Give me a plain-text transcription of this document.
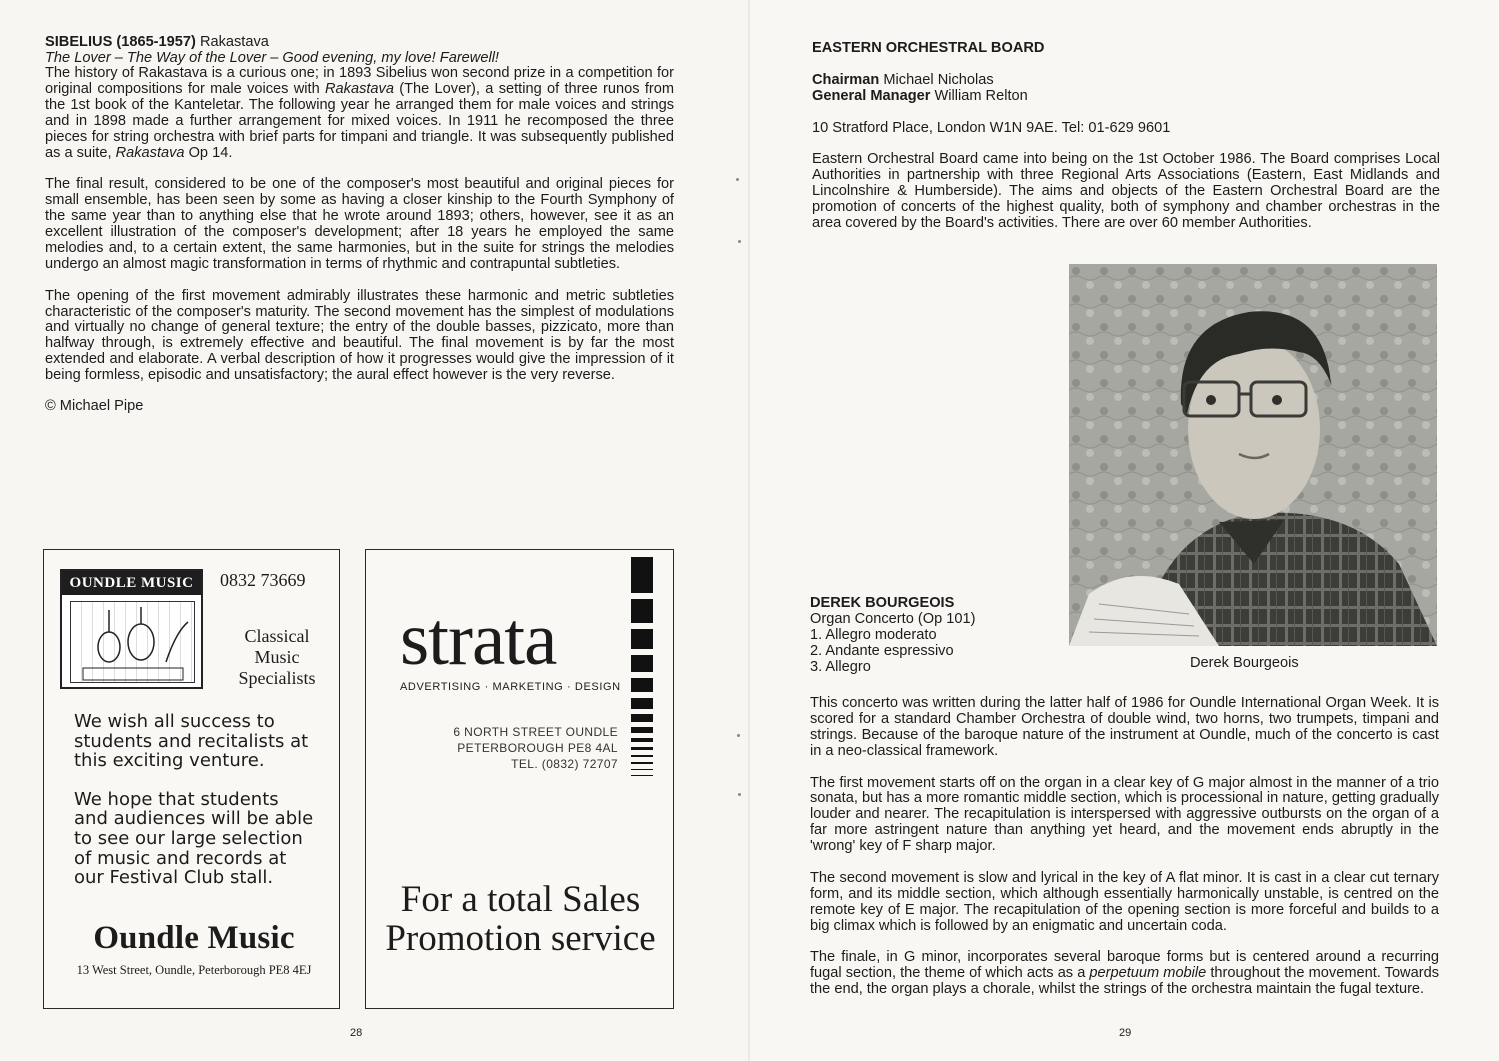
SIBELIUS (1865-1957) Rakastava
The Lover – The Way of the Lover – Good evening, my love! Farewell!

The history of Rakastava is a curious one; in 1893 Sibelius won second prize in a competition for original compositions for male voices with Rakastava (The Lover), a setting of three runos from the 1st book of the Kanteletar. The following year he arranged them for male voices and strings and in 1898 made a further arrangement for mixed voices. In 1911 he recomposed the three pieces for string orchestra with brief parts for timpani and triangle. It was subsequently published as a suite, Rakastava Op 14.

The final result, considered to be one of the composer's most beautiful and original pieces for small ensemble, has been seen by some as having a closer kinship to the Fourth Symphony of the same year than to anything else that he wrote around 1893; others, however, see it as an excellent illustration of the composer's development; after 18 years he employed the same melodies and, to a certain extent, the same harmonies, but in the suite for strings the melodies undergo an almost magic transformation in terms of rhythmic and contrapuntal subtleties.

The opening of the first movement admirably illustrates these harmonic and metric subtleties characteristic of the composer's maturity. The second movement has the simplest of modulations and virtually no change of general texture; the entry of the double basses, pizzicato, more than halfway through, is extremely effective and beautiful. The final movement is by far the most extended and elaborate. A verbal description of how it progresses would give the impression of it being formless, episodic and unsatisfactory; the aural effect however is the very reverse.

© Michael Pipe
OUNDLE MUSIC	0832 73669
Classical Music Specialists

We wish all success to students and recitalists at this exciting venture.

We hope that students and audiences will be able to see our large selection of music and records at our Festival Club stall.

Oundle Music
13 West Street, Oundle, Peterborough PE8 4EJ
strata
ADVERTISING · MARKETING · DESIGN
6 NORTH STREET OUNDLE
PETERBOROUGH PE8 4AL
TEL. (0832) 72707
For a total Sales Promotion service
28
EASTERN ORCHESTRAL BOARD
Chairman Michael Nicholas
General Manager William Relton
10 Stratford Place, London W1N 9AE. Tel: 01-629 9601
Eastern Orchestral Board came into being on the 1st October 1986. The Board comprises Local Authorities in partnership with three Regional Arts Associations (Eastern, East Midlands and Lincolnshire & Humberside). The aims and objects of the Eastern Orchestral Board are the promotion of concerts of the highest quality, both of symphony and chamber orchestras in the area covered by the Board's activities. There are over 60 member Authorities.
Derek Bourgeois
DEREK BOURGEOIS
Organ Concerto (Op 101)
1. Allegro moderato
2. Andante espressivo
3. Allegro

This concerto was written during the latter half of 1986 for Oundle International Organ Week. It is scored for a standard Chamber Orchestra of double wind, two horns, two trumpets, timpani and strings. Because of the baroque nature of the instrument at Oundle, much of the concerto is cast in a neo-classical framework.

The first movement starts off on the organ in a clear key of G major almost in the manner of a trio sonata, but has a more romantic middle section, which is processional in nature, getting gradually louder and nearer. The recapitulation is interspersed with aggressive outbursts on the organ of a far more astringent nature than anything yet heard, and the movement ends abruptly in the 'wrong' key of F sharp major.

The second movement is slow and lyrical in the key of A flat minor. It is cast in a clear cut ternary form, and its middle section, which although essentially harmonically unstable, is centred on the remote key of E major. The recapitulation of the opening section is more forceful and builds to a big climax which is followed by an enigmatic and uncertain coda.

The finale, in G minor, incorporates several baroque forms but is centered around a recurring fugal section, the theme of which acts as a perpetuum mobile throughout the movement. Towards the end, the organ plays a chorale, whilst the strings of the orchestra maintain the fugal texture.

29
